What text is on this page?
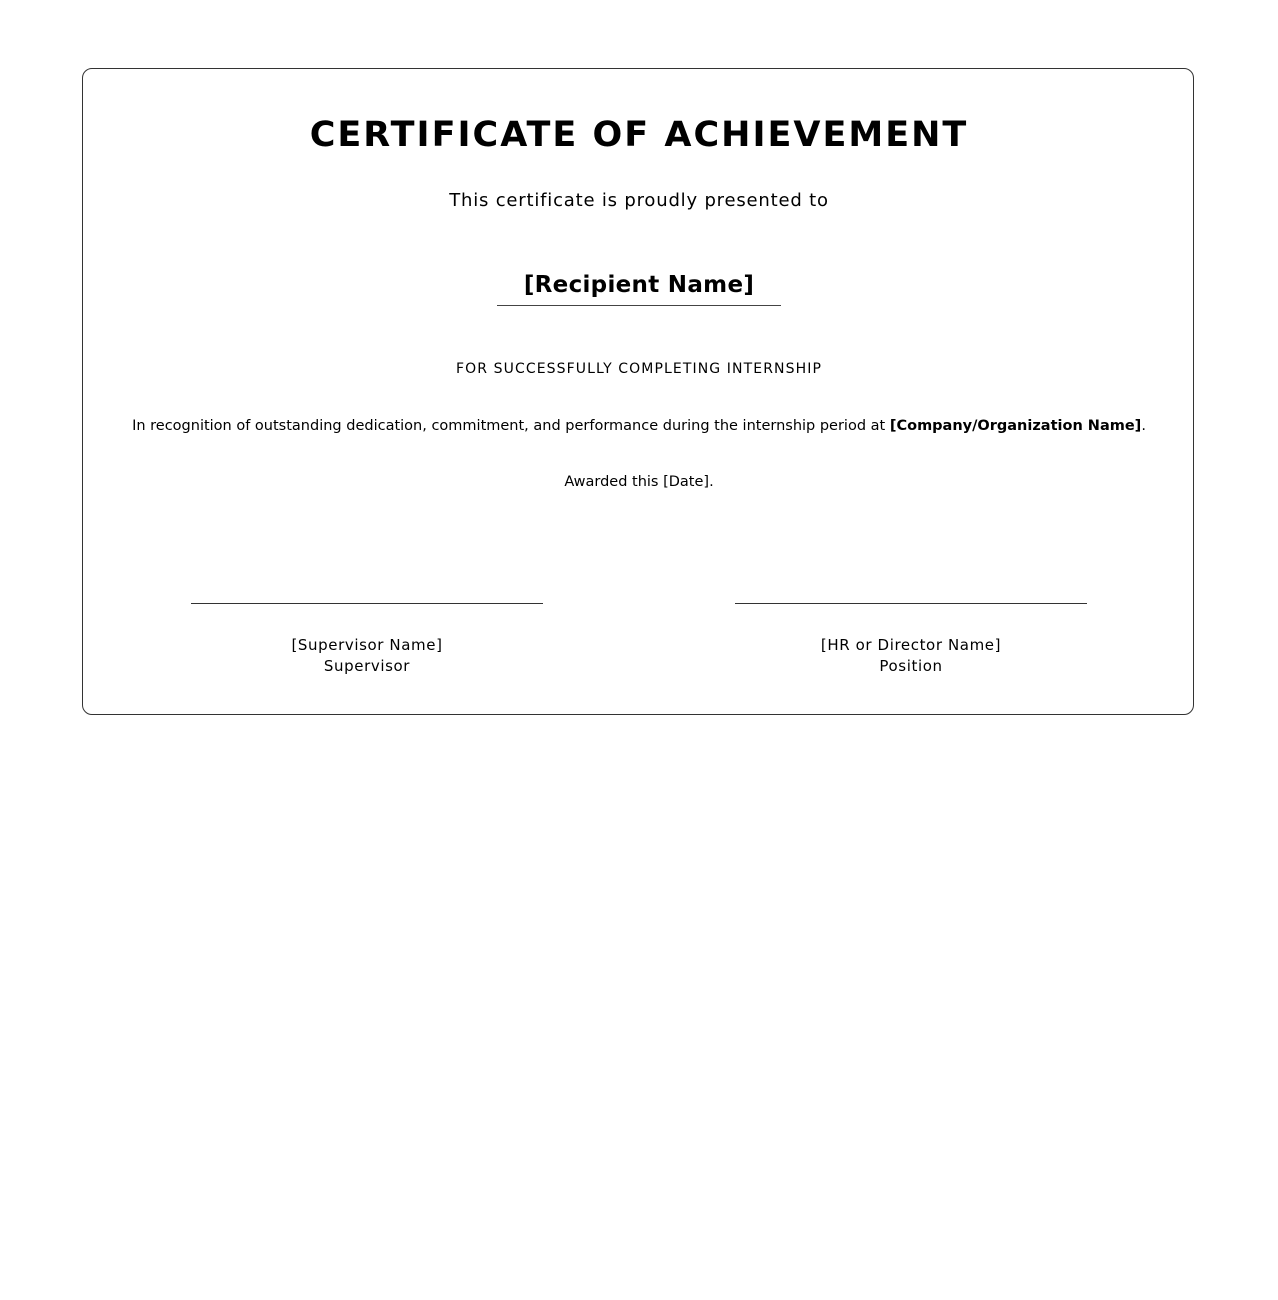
CERTIFICATE OF ACHIEVEMENT
This certificate is proudly presented to
[Recipient Name]
FOR SUCCESSFULLY COMPLETING INTERNSHIP
In recognition of outstanding dedication, commitment, and performance during the internship period at [Company/Organization Name].
Awarded this [Date].
[Supervisor Name]
Supervisor
[HR or Director Name]
Position
